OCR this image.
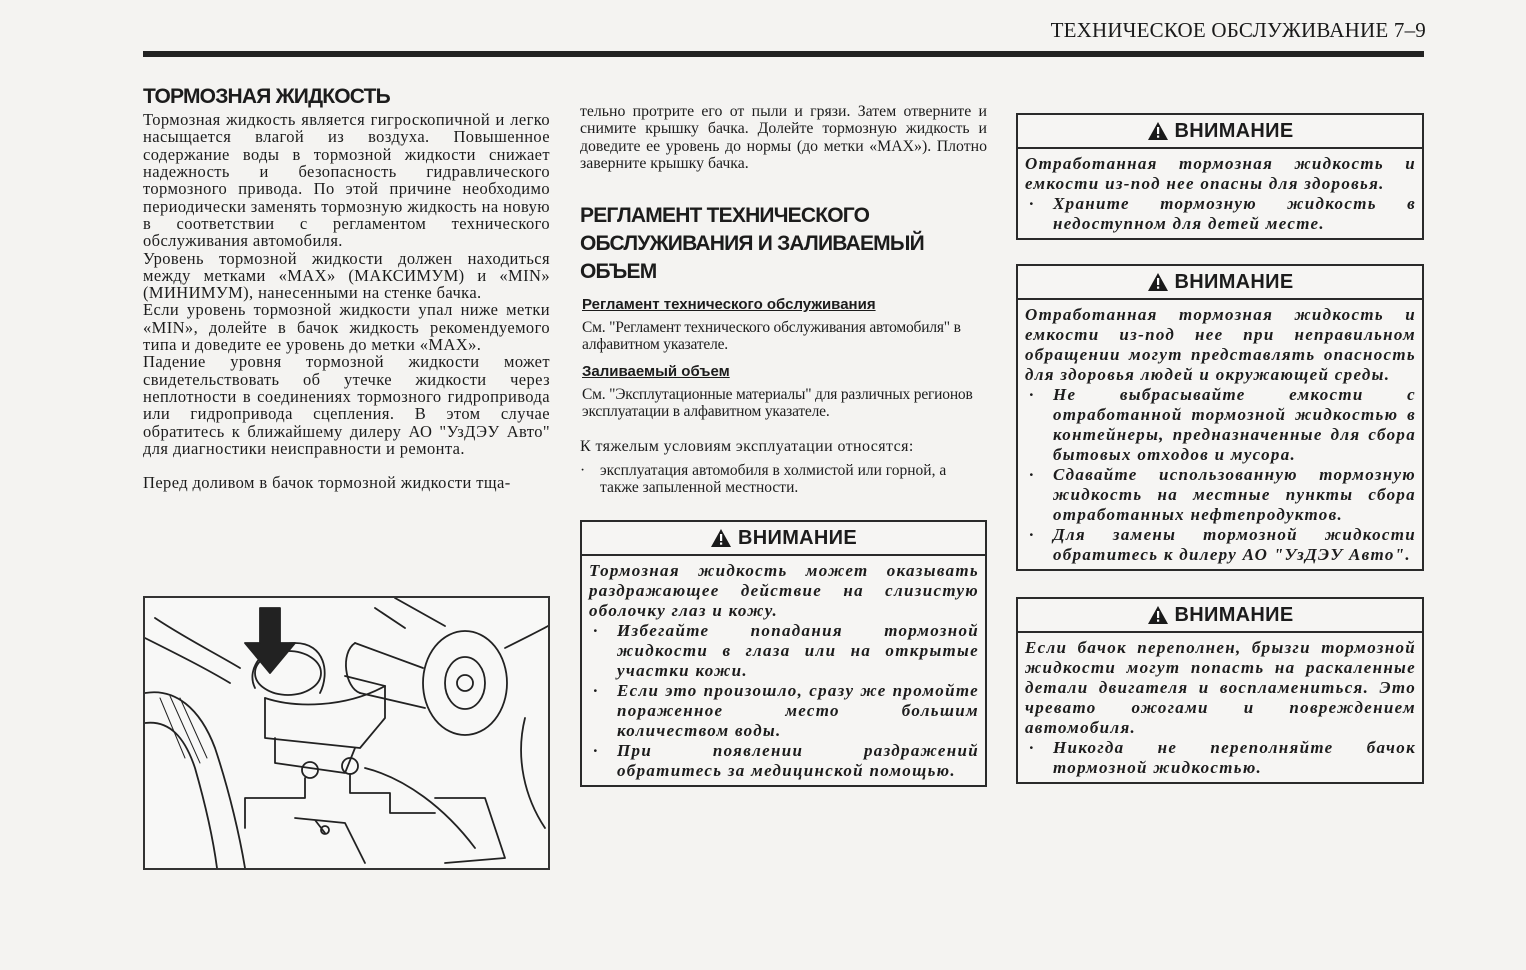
ТЕХНИЧЕСКОЕ ОБСЛУЖИВАНИЕ 7–9
ТОРМОЗНАЯ ЖИДКОСТЬ

Тормозная жидкость является гигроскопичной и легко насыщается влагой из воздуха. Повышенное содержание воды в тормозной жидкости снижает надежность и безопасность гидравлического тормозного привода. По этой причине необходимо периодически заменять тормозную жидкость на новую в соответствии с регламентом технического обслуживания автомобиля.

Уровень тормозной жидкости должен находиться между метками «MAX» (МАКСИМУМ) и «MIN» (МИНИМУМ), нанесенными на стенке бачка.

Если уровень тормозной жидкости упал ниже метки «MIN», долейте в бачок жидкость рекомендуемого типа и доведите ее уровень до метки «MAX».

Падение уровня тормозной жидкости может свидетельствовать об утечке жидкости через неплотности в соединениях тормозного гидропривода или гидропривода сцепления. В этом случае обратитесь к ближайшему дилеру АО "УзДЭУ Авто" для диагностики неисправности и ремонта.

Перед доливом в бачок тормозной жидкости тща-

тельно протрите его от пыли и грязи. Затем отверните и снимите крышку бачка. Долейте тормозную жидкость и доведите ее уровень до нормы (до метки «MAX»). Плотно заверните крышку бачка.

РЕГЛАМЕНТ ТЕХНИЧЕСКОГО ОБСЛУЖИВАНИЯ И ЗАЛИВАЕМЫЙ ОБЪЕМ
Регламент технического обслуживания

См. "Регламент технического обслуживания автомобиля" в алфавитном указателе.

Заливаемый объем

См. "Эксплутационные материалы" для различных регионов эксплуатации в алфавитном указателе.

К тяжелым условиям эксплуатации относятся:

· эксплуатация автомобиля в холмистой или горной, а также запыленной местности.
ВНИМАНИЕ
Тормозная жидкость может оказывать раздражающее действие на слизистую оболочку глаз и кожу.
· Избегайте попадания тормозной жидкости в глаза или на открытые участки кожи.
· Если это произошло, сразу же промойте пораженное место большим количеством воды.
· При появлении раздражений обратитесь за медицинской помощью.
ВНИМАНИЕ
Отработанная тормозная жидкость и емкости из-под нее опасны для здоровья.
· Храните тормозную жидкость в недоступном для детей месте.
ВНИМАНИЕ
Отработанная тормозная жидкость и емкости из-под нее при неправильном обращении могут представлять опасность для здоровья людей и окружающей среды.
· Не выбрасывайте емкости с отработанной тормозной жидкостью в контейнеры, предназначенные для сбора бытовых отходов и мусора.
· Сдавайте использованную тормозную жидкость на местные пункты сбора отработанных нефтепродуктов.
· Для замены тормозной жидкости обратитесь к дилеру АО "УзДЭУ Авто".
ВНИМАНИЕ
Если бачок переполнен, брызги тормозной жидкости могут попасть на раскаленные детали двигателя и воспламениться. Это чревато ожогами и повреждением автомобиля.
· Никогда не переполняйте бачок тормозной жидкостью.
